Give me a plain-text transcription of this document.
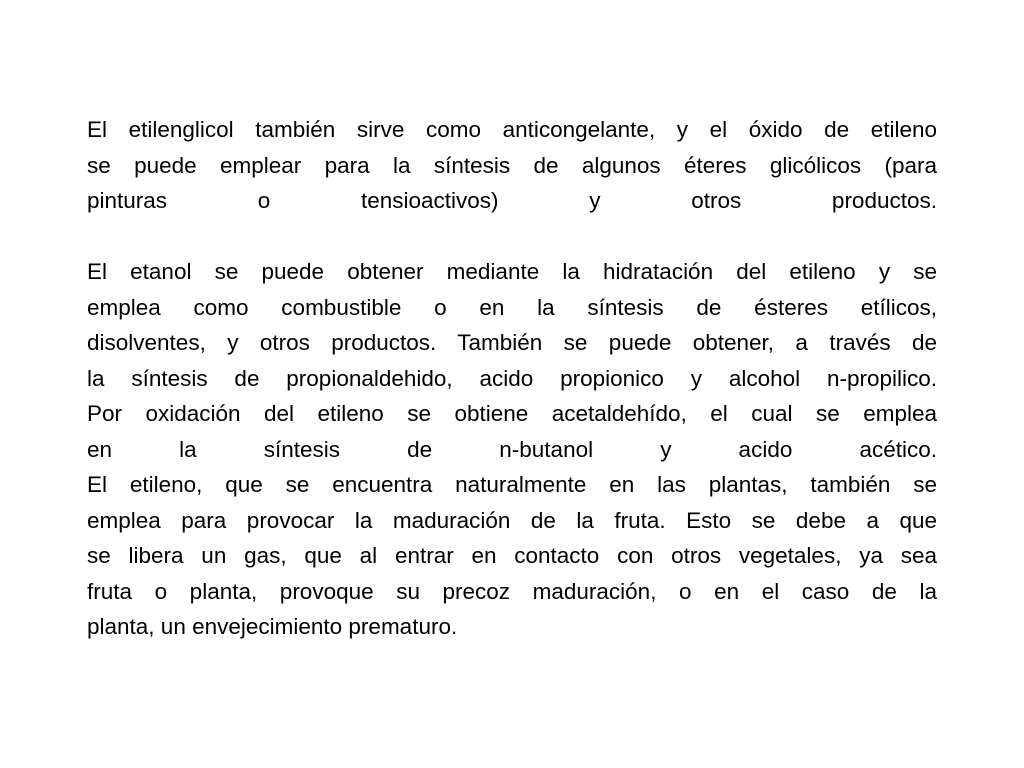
El etilenglicol también sirve como anticongelante, y el óxido de etileno
se puede emplear para la síntesis de algunos éteres glicólicos (para
pinturas o tensioactivos) y otros productos.
El etanol se puede obtener mediante la hidratación del etileno y se
emplea como combustible o en la síntesis de ésteres etílicos,
disolventes, y otros productos. También se puede obtener, a través de
la síntesis de propionaldehido, acido propionico y alcohol n-propilico.
Por oxidación del etileno se obtiene acetaldehído, el cual se emplea
en la síntesis de n-butanol y acido acético.
El etileno, que se encuentra naturalmente en las plantas, también se
emplea para provocar la maduración de la fruta. Esto se debe a que
se libera un gas, que al entrar en contacto con otros vegetales, ya sea
fruta o planta, provoque su precoz maduración, o en el caso de la
planta, un envejecimiento prematuro.
